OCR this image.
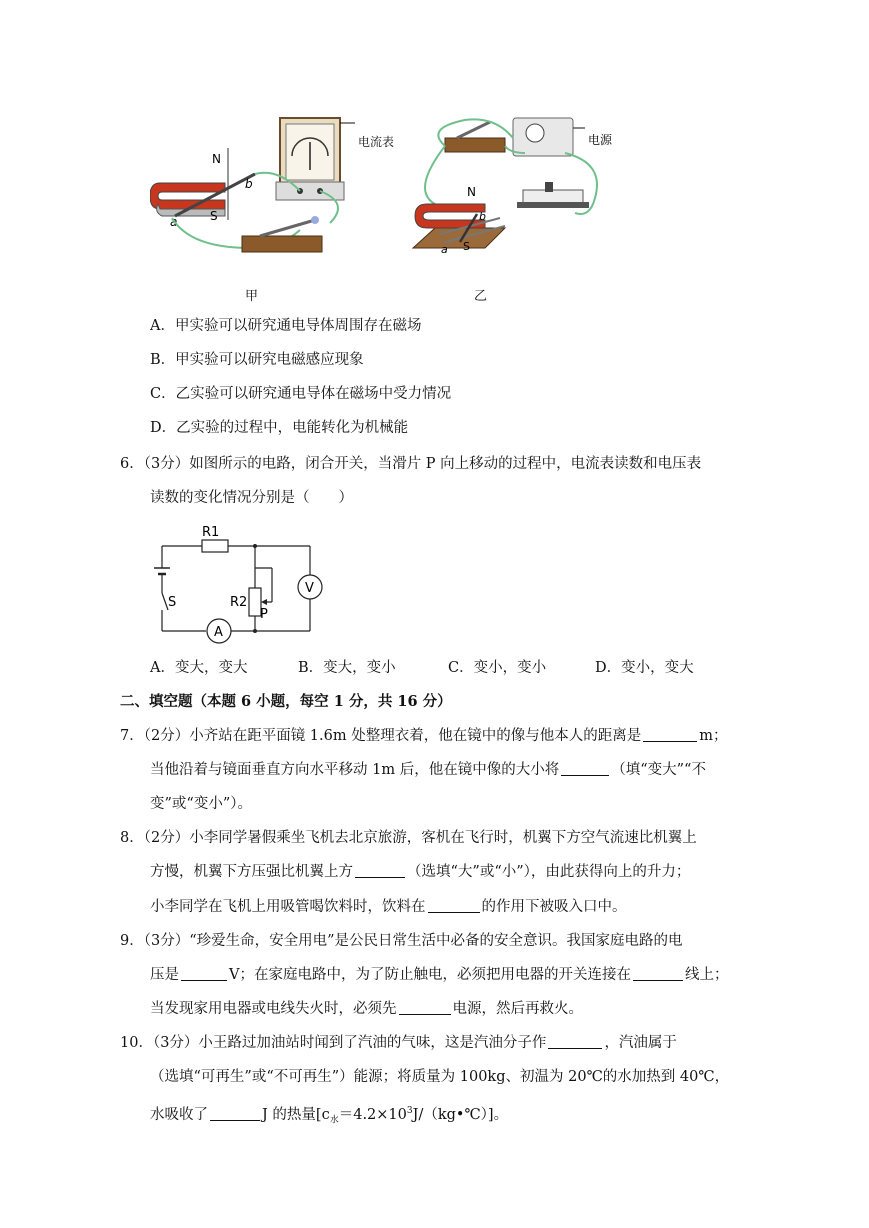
电流表
N
S
a
b
甲
电源
N
S
a
b
乙
A．甲实验可以研究通电导体周围存在磁场
B．甲实验可以研究电磁感应现象
C．乙实验可以研究通电导体在磁场中受力情况
D．乙实验的过程中，电能转化为机械能
6．（3分）如图所示的电路，闭合开关，当滑片 P 向上移动的过程中，电流表读数和电压表
读数的变化情况分别是（　　）
R1
S
A
R2
P
V
A．变大，变大	B．变大，变小	C．变小，变小	D．变小，变大
二、填空题（本题 6 小题，每空 1 分，共 16 分）
7．（2分）小齐站在距平面镜 1.6m 处整理衣着，他在镜中的像与他本人的距离是	m；
当他沿着与镜面垂直方向水平移动 1m 后，他在镜中像的大小将	（填“变大”“不
变”或“变小”）。
8．（2分）小李同学暑假乘坐飞机去北京旅游，客机在飞行时，机翼下方空气流速比机翼上
方慢，机翼下方压强比机翼上方	（选填“大”或“小”），由此获得向上的升力；
小李同学在飞机上用吸管喝饮料时，饮料在	的作用下被吸入口中。
9．（3分）“珍爱生命，安全用电”是公民日常生活中必备的安全意识。我国家庭电路的电
压是	V；在家庭电路中，为了防止触电，必须把用电器的开关连接在	线上；
当发现家用电器或电线失火时，必须先	电源，然后再救火。
10．（3分）小王路过加油站时闻到了汽油的气味，这是汽油分子作	，汽油属于
（选填“可再生”或“不可再生”）能源；将质量为 100kg、初温为 20℃的水加热到 40℃，
水吸收了	J 的热量$[c_水=4.2\times 10^3J/(kg•℃)]$。
